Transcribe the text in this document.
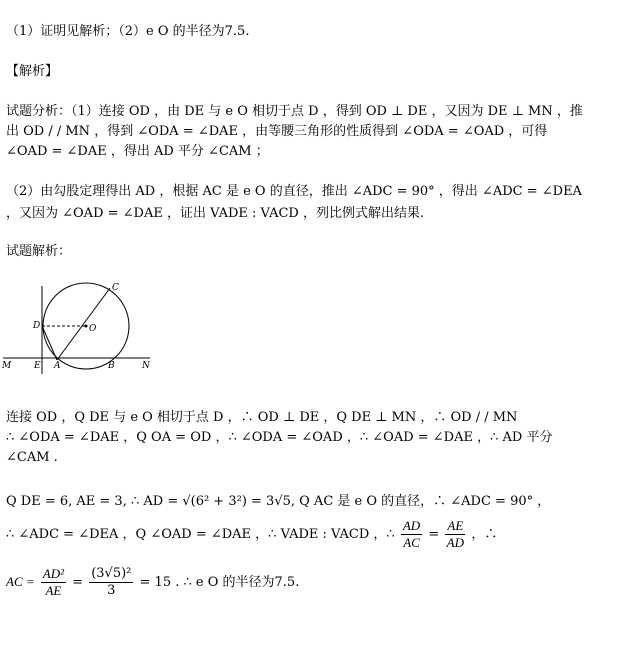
（1）证明见解析；（2）e O 的半径为7.5.
【解析】
试题分析：（1）连接 OD ，由 DE 与 e O 相切于点 D ，得到 OD ⊥ DE ，又因为 DE ⊥ MN ，推
出 OD / / MN ，得到 ∠ODA = ∠DAE ，由等腰三角形的性质得到 ∠ODA = ∠OAD ，可得
∠OAD = ∠DAE ，得出 AD 平分 ∠CAM ；
（2）由勾股定理得出 AD ，根据 AC 是 e O 的直径，推出 ∠ADC = 90° ，得出 ∠ADC = ∠DEA
，又因为 ∠OAD = ∠DAE ，证出 VADE : VACD ，列比例式解出结果.
试题解析：
C
D	O
M	E A	B	N
连接 OD ，Q DE 与 e O 相切于点 D ，∴ OD ⊥ DE ，Q DE ⊥ MN ，∴ OD / / MN
∴ ∠ODA = ∠DAE ，Q OA = OD ，∴ ∠ODA = ∠OAD ，∴ ∠OAD = ∠DAE ，∴ AD 平分
∠CAM .
Q DE = 6, AE = 3, ∴ AD = √(6² + 3²) = 3√5, Q AC 是 e O 的直径，∴ ∠ADC = 90° ，
∴ ∠ADC = ∠DEA ，Q ∠OAD = ∠DAE ，∴ VADE : VACD ，∴ $\frac{AD}{AC} = \frac{AE}{AD}$ ，∴
AC = $\frac{\text{AD²}}{AE} = \frac{\text{(3√5)²}}{3} = 15$ . ∴ e O 的半径为7.5.
